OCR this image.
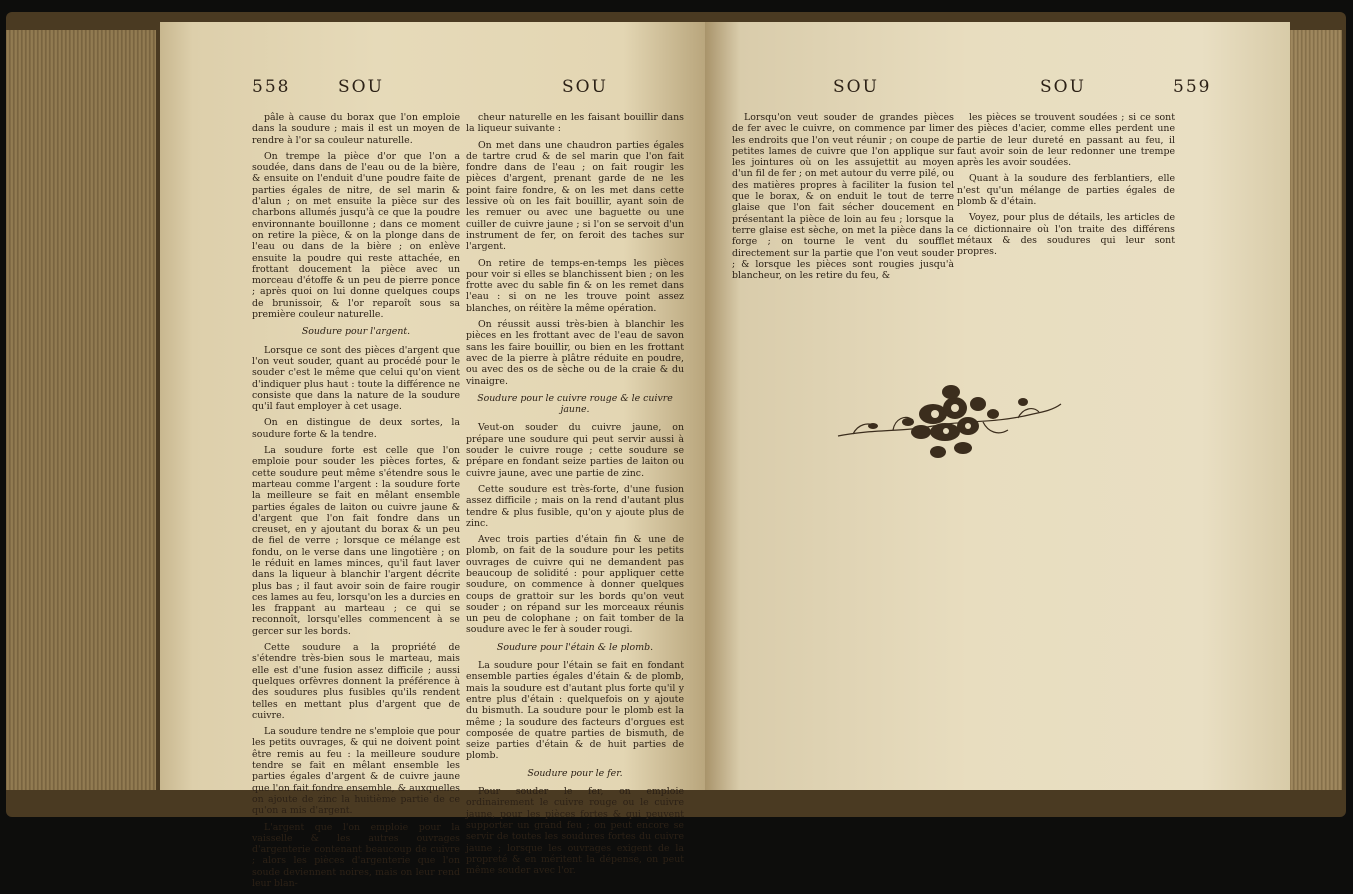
558	SOU	SOU

pâle à cause du borax que l'on emploie dans la soudure ; mais il est un moyen de rendre à l'or sa couleur naturelle.

On trempe la pièce d'or que l'on a soudée, dans dans de l'eau ou de la bière, & ensuite on l'enduit d'une poudre faite de parties égales de nitre, de sel marin & d'alun ; on met ensuite la pièce sur des charbons allumés jusqu'à ce que la poudre environnante bouillonne ; dans ce moment on retire la pièce, & on la plonge dans de l'eau ou dans de la bière ; on enlève ensuite la poudre qui reste attachée, en frottant doucement la pièce avec un morceau d'étoffe & un peu de pierre ponce ; après quoi on lui donne quelques coups de brunissoir, & l'or reparoît sous sa première couleur naturelle.

Soudure pour l'argent.

Lorsque ce sont des pièces d'argent que l'on veut souder, quant au procédé pour le souder c'est le même que celui qu'on vient d'indiquer plus haut : toute la différence ne consiste que dans la nature de la soudure qu'il faut employer à cet usage.

On en distingue de deux sortes, la soudure forte & la tendre.

La soudure forte est celle que l'on emploie pour souder les pièces fortes, & cette soudure peut même s'étendre sous le marteau comme l'argent : la soudure forte la meilleure se fait en mêlant ensemble parties égales de laiton ou cuivre jaune & d'argent que l'on fait fondre dans un creuset, en y ajoutant du borax & un peu de fiel de verre ; lorsque ce mélange est fondu, on le verse dans une lingotière ; on le réduit en lames minces, qu'il faut laver dans la liqueur à blanchir l'argent décrite plus bas ; il faut avoir soin de faire rougir ces lames au feu, lorsqu'on les a durcies en les frappant au marteau ; ce qui se reconnoît, lorsqu'elles commencent à se gercer sur les bords.

Cette soudure a la propriété de s'étendre très-bien sous le marteau, mais elle est d'une fusion assez difficile ; aussi quelques orfèvres donnent la préférence à des soudures plus fusibles qu'ils rendent telles en mettant plus d'argent que de cuivre.

La soudure tendre ne s'emploie que pour les petits ouvrages, & qui ne doivent point être remis au feu : la meilleure soudure tendre se fait en mêlant ensemble les parties égales d'argent & de cuivre jaune que l'on fait fondre ensemble, & auxquelles on ajoute de zinc la huitième partie de ce qu'on a mis d'argent.

L'argent que l'on emploie pour la vaisselle & les autres ouvrages d'argenterie contenant beaucoup de cuivre ; alors les pièces d'argenterie que l'on soude deviennent noires, mais on leur rend leur blan-

cheur naturelle en les faisant bouillir dans la liqueur suivante :

On met dans une chaudron parties égales de tartre crud & de sel marin que l'on fait fondre dans de l'eau ; on fait rougir les pièces d'argent, prenant garde de ne les point faire fondre, & on les met dans cette lessive où on les fait bouillir, ayant soin de les remuer ou avec une baguette ou une cuiller de cuivre jaune ; si l'on se servoit d'un instrument de fer, on feroit des taches sur l'argent.

On retire de temps-en-temps les pièces pour voir si elles se blanchissent bien ; on les frotte avec du sable fin & on les remet dans l'eau : si on ne les trouve point assez blanches, on réitère la même opération.

On réussit aussi très-bien à blanchir les pièces en les frottant avec de l'eau de savon sans les faire bouillir, ou bien en les frottant avec de la pierre à plâtre réduite en poudre, ou avec des os de sèche ou de la craie & du vinaigre.

Soudure pour le cuivre rouge & le cuivre jaune.

Veut-on souder du cuivre jaune, on prépare une soudure qui peut servir aussi à souder le cuivre rouge ; cette soudure se prépare en fondant seize parties de laiton ou cuivre jaune, avec une partie de zinc.

Cette soudure est très-forte, d'une fusion assez difficile ; mais on la rend d'autant plus tendre & plus fusible, qu'on y ajoute plus de zinc.

Avec trois parties d'étain fin & une de plomb, on fait de la soudure pour les petits ouvrages de cuivre qui ne demandent pas beaucoup de solidité : pour appliquer cette soudure, on commence à donner quelques coups de grattoir sur les bords qu'on veut souder ; on répand sur les morceaux réunis un peu de colophane ; on fait tomber de la soudure avec le fer à souder rougi.

Soudure pour l'étain & le plomb.

La soudure pour l'étain se fait en fondant ensemble parties égales d'étain & de plomb, mais la soudure est d'autant plus forte qu'il y entre plus d'étain : quelquefois on y ajoute du bismuth. La soudure pour le plomb est la même ; la soudure des facteurs d'orgues est composée de quatre parties de bismuth, de seize parties d'étain & de huit parties de plomb.

Soudure pour le fer.

Pour souder le fer, on emploie ordinairement le cuivre rouge ou le cuivre jaune, pour les pièces fortes & qui peuvent supporter un grand feu ; on peut encore se servir de toutes les soudures fortes du cuivre jaune ; lorsque les ouvrages exigent de la propreté & en méritent la dépense, on peut même souder avec l'or.

SOU	SOU	559

Lorsqu'on veut souder de grandes pièces de fer avec le cuivre, on commence par limer les endroits que l'on veut réunir ; on coupe de petites lames de cuivre que l'on applique sur les jointures où on les assujettit au moyen d'un fil de fer ; on met autour du verre pilé, ou des matières propres à faciliter la fusion tel que le borax, & on enduit le tout de terre glaise que l'on fait sécher doucement en présentant la pièce de loin au feu ; lorsque la terre glaise est sèche, on met la pièce dans la forge ; on tourne le vent du soufflet directement sur la partie que l'on veut souder ; & lorsque les pièces sont rougies jusqu'à blancheur, on les retire du feu, &

les pièces se trouvent soudées ; si ce sont des pièces d'acier, comme elles perdent une partie de leur dureté en passant au feu, il faut avoir soin de leur redonner une trempe après les avoir soudées.

Quant à la soudure des ferblantiers, elle n'est qu'un mélange de parties égales de plomb & d'étain.

Voyez, pour plus de détails, les articles de ce dictionnaire où l'on traite des différens métaux & des soudures qui leur sont propres.
